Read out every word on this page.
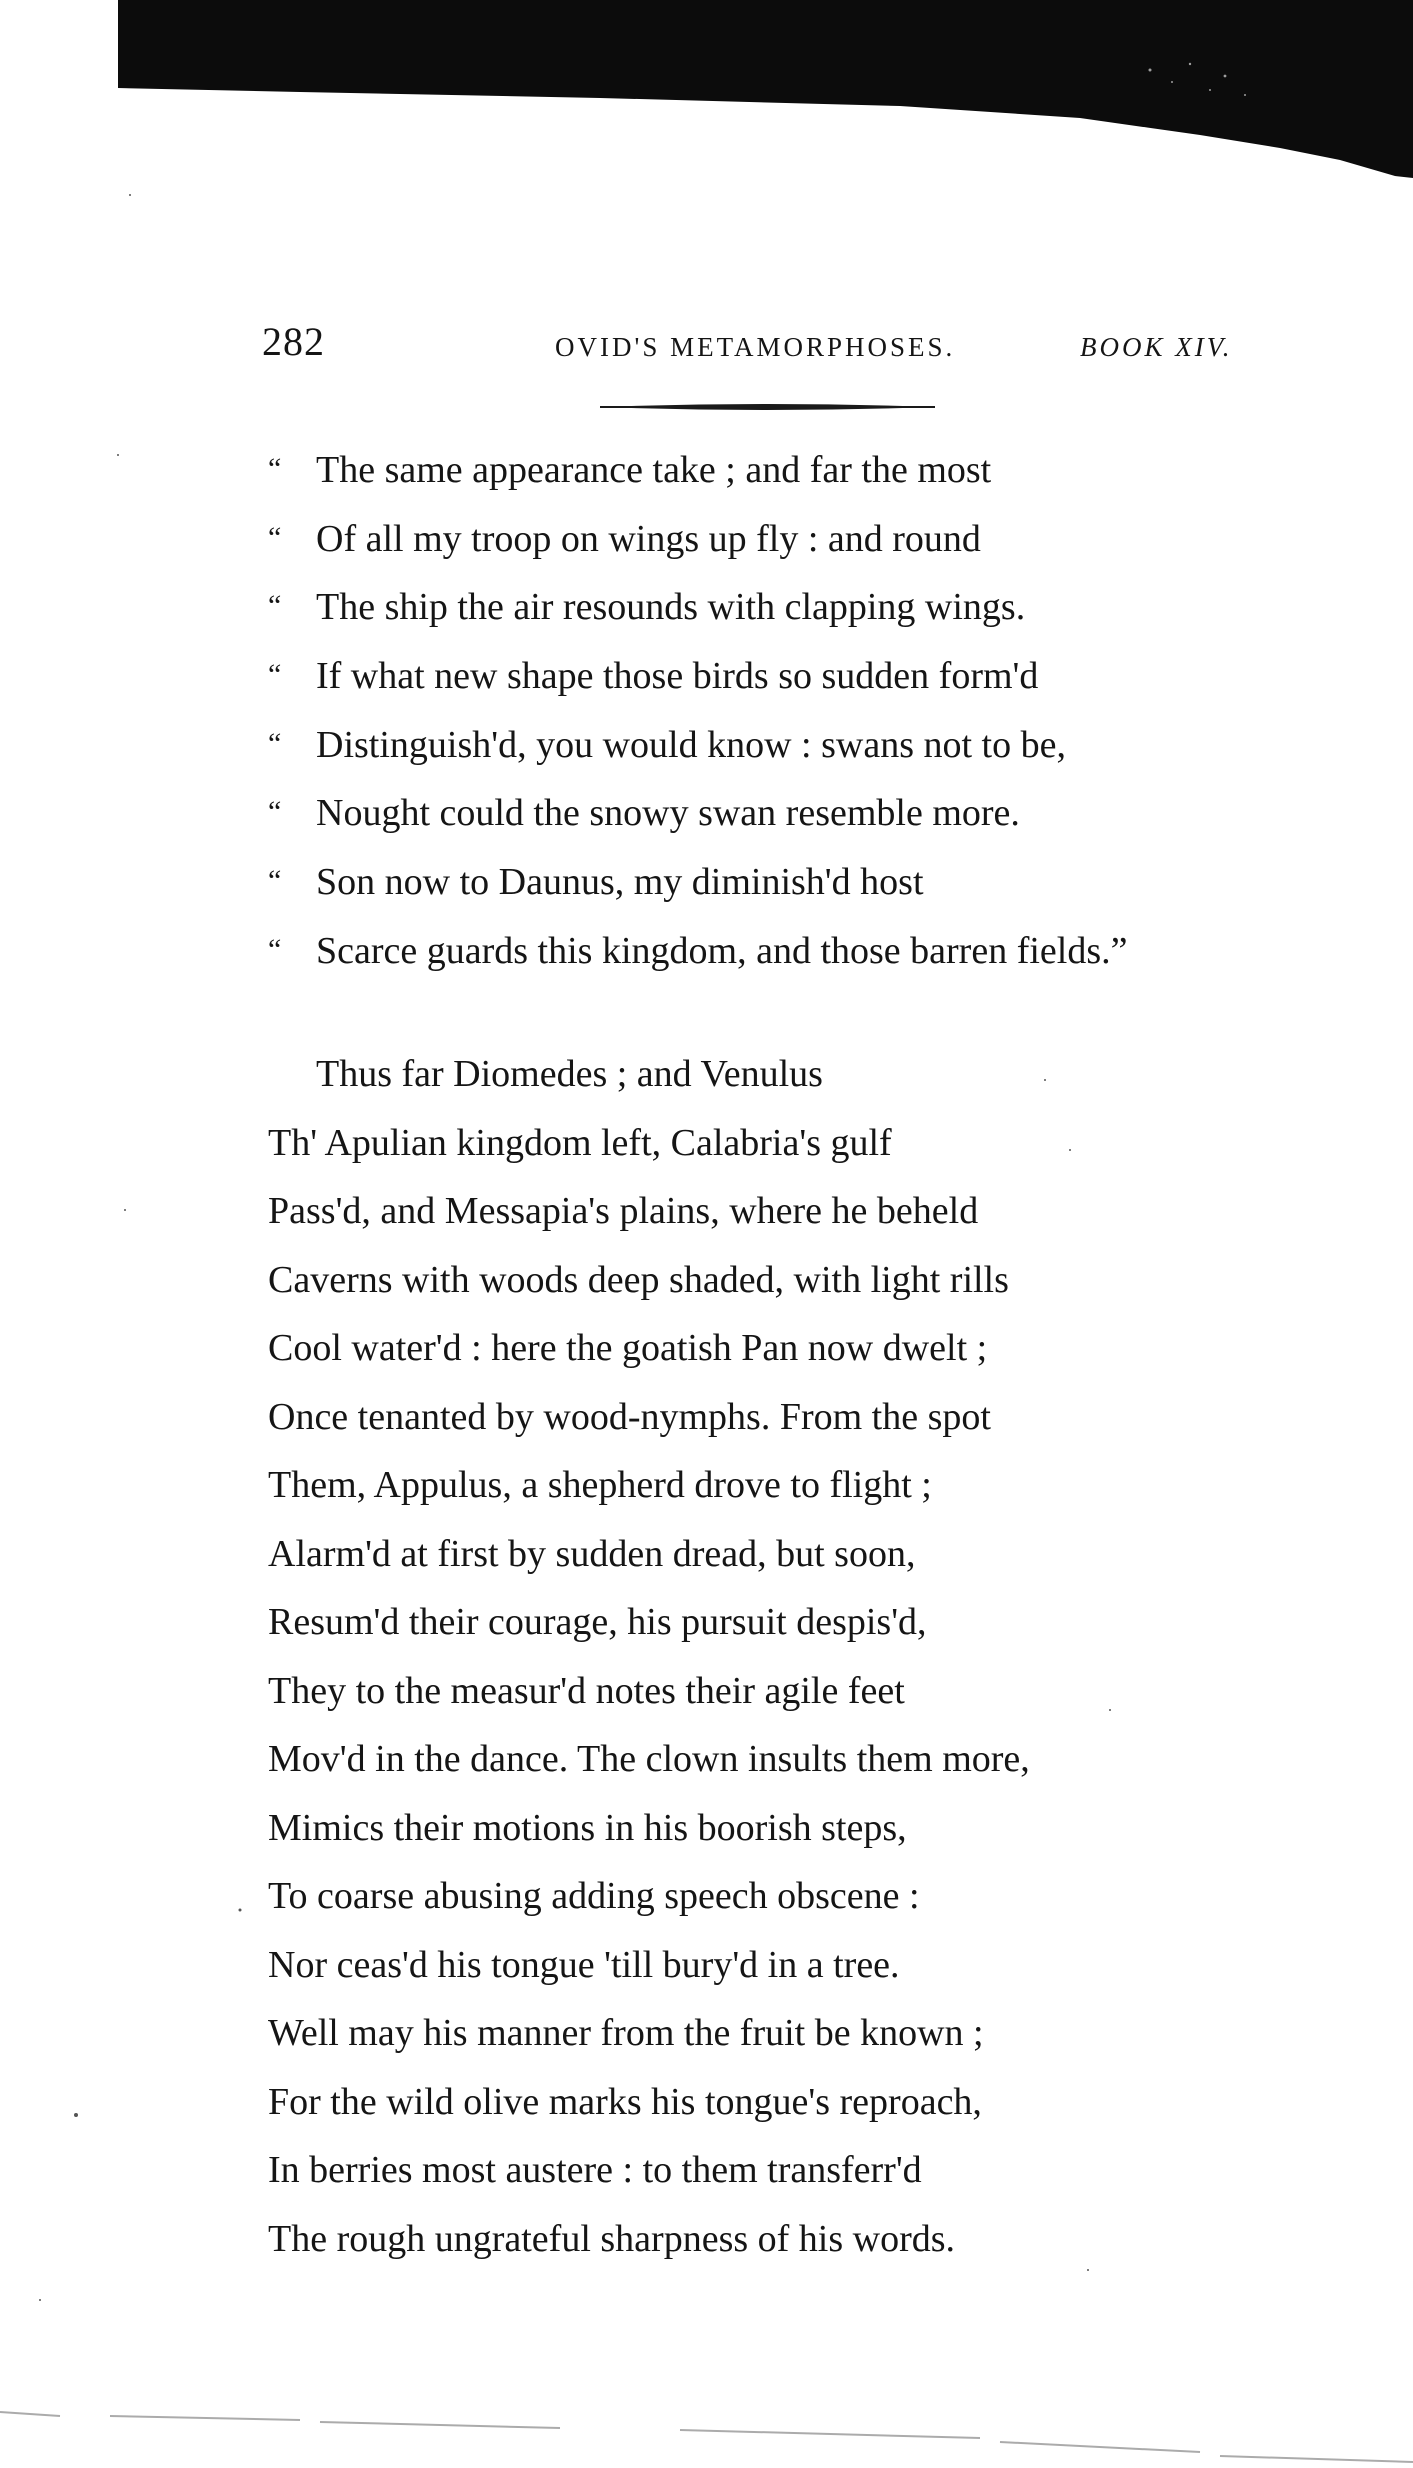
282	OVID'S METAMORPHOSES.	BOOK XIV.
“ The same appearance take ; and far the most
“ Of all my troop on wings up fly : and round
“ The ship the air resounds with clapping wings.
“ If what new shape those birds so sudden form'd
“ Distinguish'd, you would know : swans not to be,
“ Nought could the snowy swan resemble more.
“ Son now to Daunus, my diminish'd host
“ Scarce guards this kingdom, and those barren fields.”
Thus far Diomedes ; and Venulus
Th' Apulian kingdom left, Calabria's gulf
Pass'd, and Messapia's plains, where he beheld
Caverns with woods deep shaded, with light rills
Cool water'd : here the goatish Pan now dwelt ;
Once tenanted by wood-nymphs. From the spot
Them, Appulus, a shepherd drove to flight ;
Alarm'd at first by sudden dread, but soon,
Resum'd their courage, his pursuit despis'd,
They to the measur'd notes their agile feet
Mov'd in the dance. The clown insults them more,
Mimics their motions in his boorish steps,
To coarse abusing adding speech obscene :
Nor ceas'd his tongue 'till bury'd in a tree.
Well may his manner from the fruit be known ;
For the wild olive marks his tongue's reproach,
In berries most austere : to them transferr'd
The rough ungrateful sharpness of his words.
